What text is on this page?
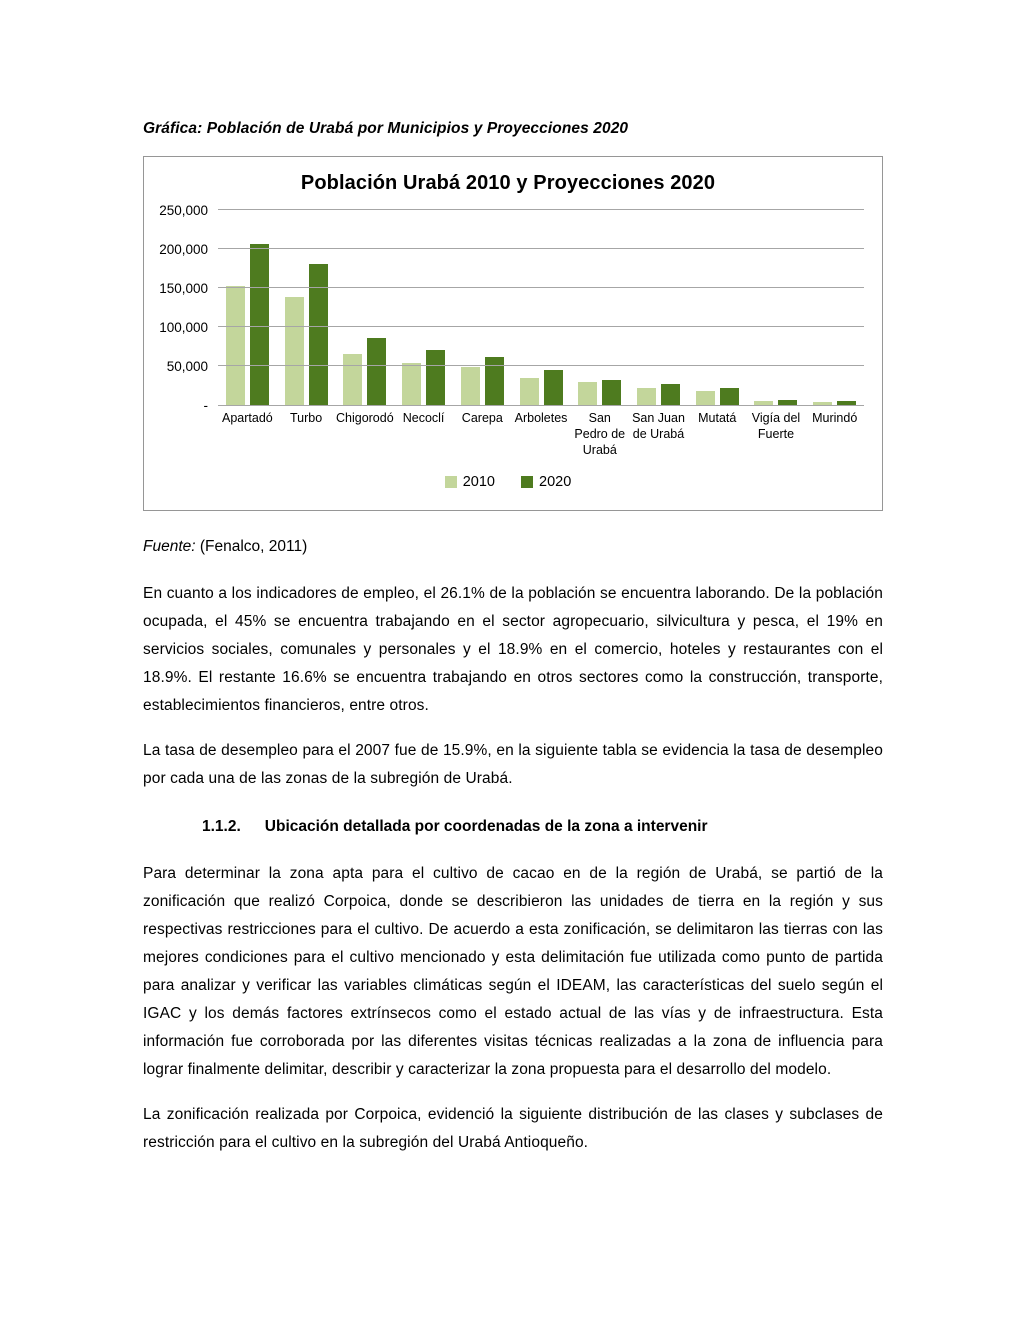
Gráfica: Población de Urabá por Municipios y Proyecciones 2020
Población Urabá 2010 y Proyecciones 2020
-
50,000
100,000
150,000
200,000
250,000
Apartadó	Turbo	Chigorodó Necoclí	Carepa Arboletes	San Pedro de Urabá
San Juan de Urabá
Mutatá	Vigía del Fuerte
Murindó
2010	2020
Fuente: (Fenalco, 2011)

En cuanto a los indicadores de empleo, el 26.1% de la población se encuentra laborando. De la población ocupada, el 45% se encuentra trabajando en el sector agropecuario, silvicultura y pesca, el 19% en servicios sociales, comunales y personales y el 18.9% en el comercio, hoteles y restaurantes con el 18.9%. El restante 16.6% se encuentra trabajando en otros sectores como la construcción, transporte, establecimientos financieros, entre otros.

La tasa de desempleo para el 2007 fue de 15.9%, en la siguiente tabla se evidencia la tasa de desempleo por cada una de las zonas de la subregión de Urabá.

1.1.2. Ubicación detallada por coordenadas de la zona a intervenir

Para determinar la zona apta para el cultivo de cacao en de la región de Urabá, se partió de la zonificación que realizó Corpoica, donde se describieron las unidades de tierra en la región y sus respectivas restricciones para el cultivo. De acuerdo a esta zonificación, se delimitaron las tierras con las mejores condiciones para el cultivo mencionado y esta delimitación fue utilizada como punto de partida para analizar y verificar las variables climáticas según el IDEAM, las características del suelo según el IGAC y los demás factores extrínsecos como el estado actual de las vías y de infraestructura. Esta información fue corroborada por las diferentes visitas técnicas realizadas a la zona de influencia para lograr finalmente delimitar, describir y caracterizar la zona propuesta para el desarrollo del modelo.

La zonificación realizada por Corpoica, evidenció la siguiente distribución de las clases y subclases de restricción para el cultivo en la subregión del Urabá Antioqueño.
